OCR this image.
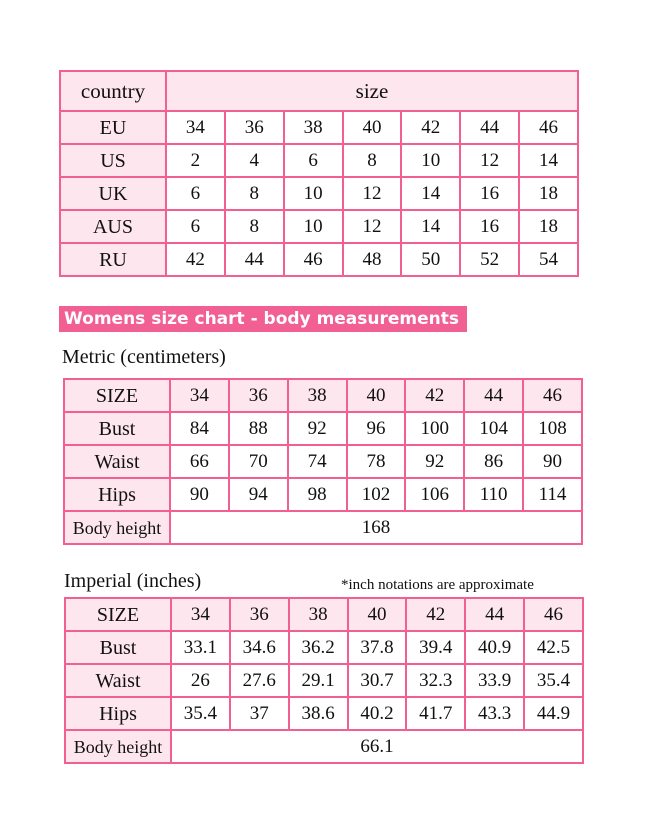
country	size						
EU	34	36	38	40	42	44	46
US	2	4	6	8	10	12	14
UK	6	8	10	12	14	16	18
AUS	6	8	10	12	14	16	18
RU	42	44	46	48	50	52	54
Womens size chart - body measurements
Metric (centimeters)
SIZE	34	36	38	40	42	44	46
Bust	84	88	92	96	100	104	108
Waist	66	70	74	78	92	86	90
Hips	90	94	98	102	106	110	114
Body height	168						
Imperial (inches)	*inch notations are approximate
SIZE	34	36	38	40	42	44	46
Bust	33.1	34.6	36.2	37.8	39.4	40.9	42.5
Waist	26	27.6	29.1	30.7	32.3	33.9	35.4
Hips	35.4	37	38.6	40.2	41.7	43.3	44.9
Body height	66.1						
